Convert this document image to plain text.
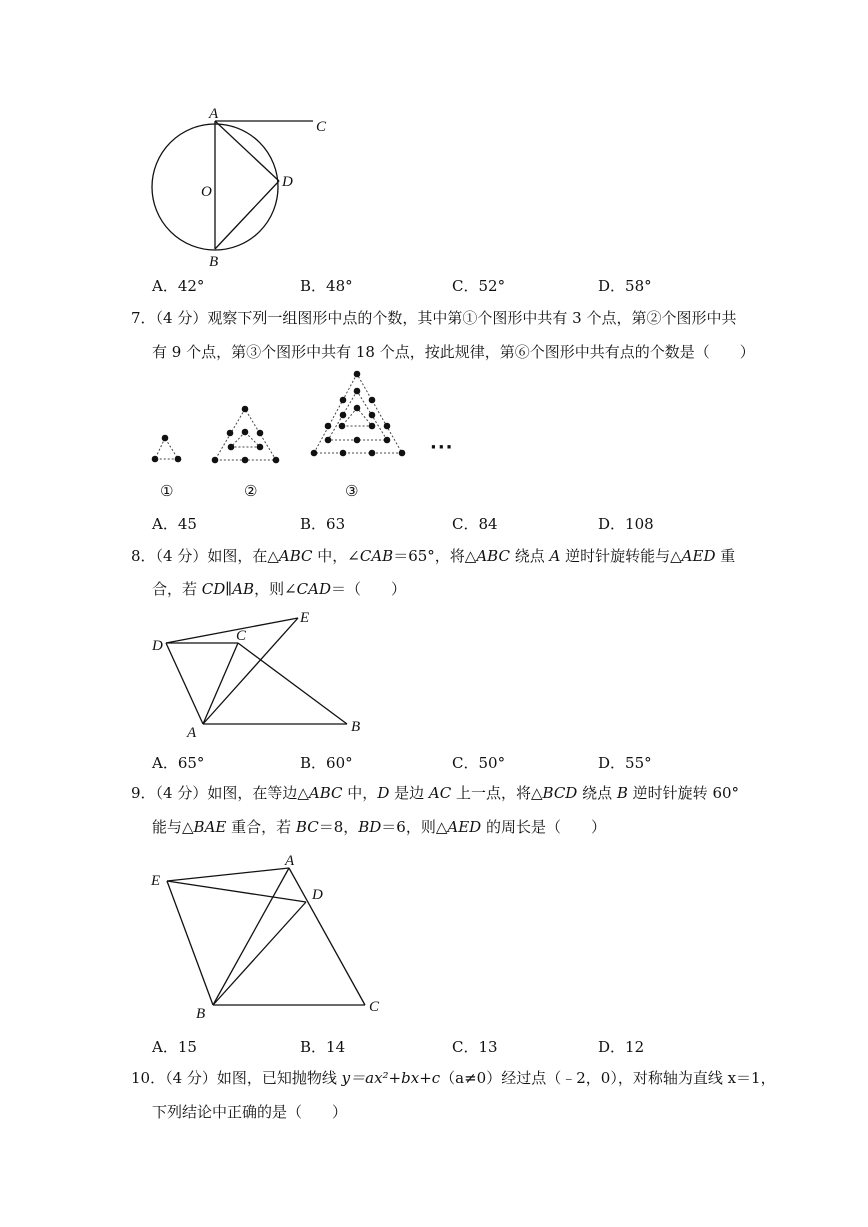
A
C
O
D
B
A．42°	B．48°	C．52°	D．58°
7．（4 分）观察下列一组图形中点的个数，其中第①个图形中共有 3 个点，第②个图形中共
有 9 个点，第③个图形中共有 18 个点，按此规律，第⑥个图形中共有点的个数是（　　）
①	②	③
···
A．45	B．63	C．84	D．108
8．（4 分）如图，在△ABC 中，∠CAB＝65°，将△ABC 绕点 A 逆时针旋转能与△AED 重
合，若 CD∥AB，则∠CAD＝（　　）
E
D
C
A	B
A．65°	B．60°	C．50°	D．55°
9．（4 分）如图，在等边△ABC 中，D 是边 AC 上一点，将△BCD 绕点 B 逆时针旋转 60°
能与△BAE 重合，若 BC＝8，BD＝6，则△AED 的周长是（　　）
A
E
D
B	C
A．15	B．14	C．13	D．12
10．（4 分）如图，已知抛物线 y＝ax²+bx+c（a≠0）经过点（﹣2，0），对称轴为直线 x＝1，
下列结论中正确的是（　　）
